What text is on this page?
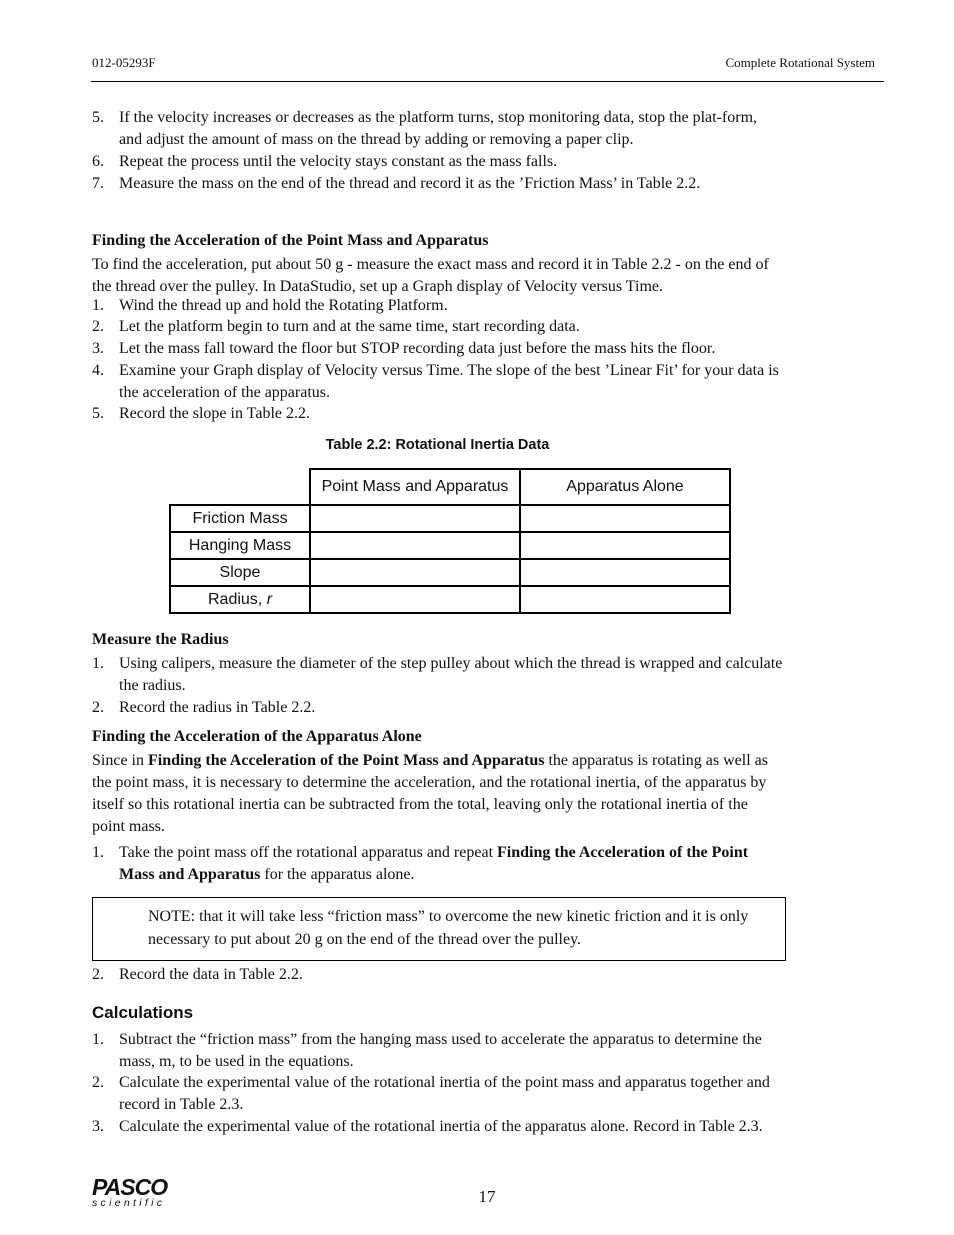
012-05293F	Complete Rotational System
5. If the velocity increases or decreases as the platform turns, stop monitoring data, stop the plat-form, and adjust the amount of mass on the thread by adding or removing a paper clip.
6. Repeat the process until the velocity stays constant as the mass falls.
7. Measure the mass on the end of the thread and record it as the ’Friction Mass’ in Table 2.2.
Finding the Acceleration of the Point Mass and Apparatus
To find the acceleration, put about 50 g - measure the exact mass and record it in Table 2.2 - on the end of the thread over the pulley. In DataStudio, set up a Graph display of Velocity versus Time.
1. Wind the thread up and hold the Rotating Platform.
2. Let the platform begin to turn and at the same time, start recording data.
3. Let the mass fall toward the floor but STOP recording data just before the mass hits the floor.
4. Examine your Graph display of Velocity versus Time. The slope of the best ’Linear Fit’ for your data is the acceleration of the apparatus.
5. Record the slope in Table 2.2.
Table 2.2: Rotational Inertia Data
	Point Mass and Apparatus	Apparatus Alone
Friction Mass		
Hanging Mass		
Slope		
Radius, r		
Measure the Radius
1. Using calipers, measure the diameter of the step pulley about which the thread is wrapped and calculate the radius.
2. Record the radius in Table 2.2.
Finding the Acceleration of the Apparatus Alone
Since in Finding the Acceleration of the Point Mass and Apparatus the apparatus is rotating as well as the point mass, it is necessary to determine the acceleration, and the rotational inertia, of the apparatus by itself so this rotational inertia can be subtracted from the total, leaving only the rotational inertia of the point mass.
1. Take the point mass off the rotational apparatus and repeat Finding the Acceleration of the Point Mass and Apparatus for the apparatus alone.
NOTE: that it will take less “friction mass” to overcome the new kinetic friction and it is only necessary to put about 20 g on the end of the thread over the pulley.
2. Record the data in Table 2.2.
Calculations
1. Subtract the “friction mass” from the hanging mass used to accelerate the apparatus to determine the mass, m, to be used in the equations.
2. Calculate the experimental value of the rotational inertia of the point mass and apparatus together and record in Table 2.3.
3. Calculate the experimental value of the rotational inertia of the apparatus alone. Record in Table 2.3.
PASCO
scientific	17
